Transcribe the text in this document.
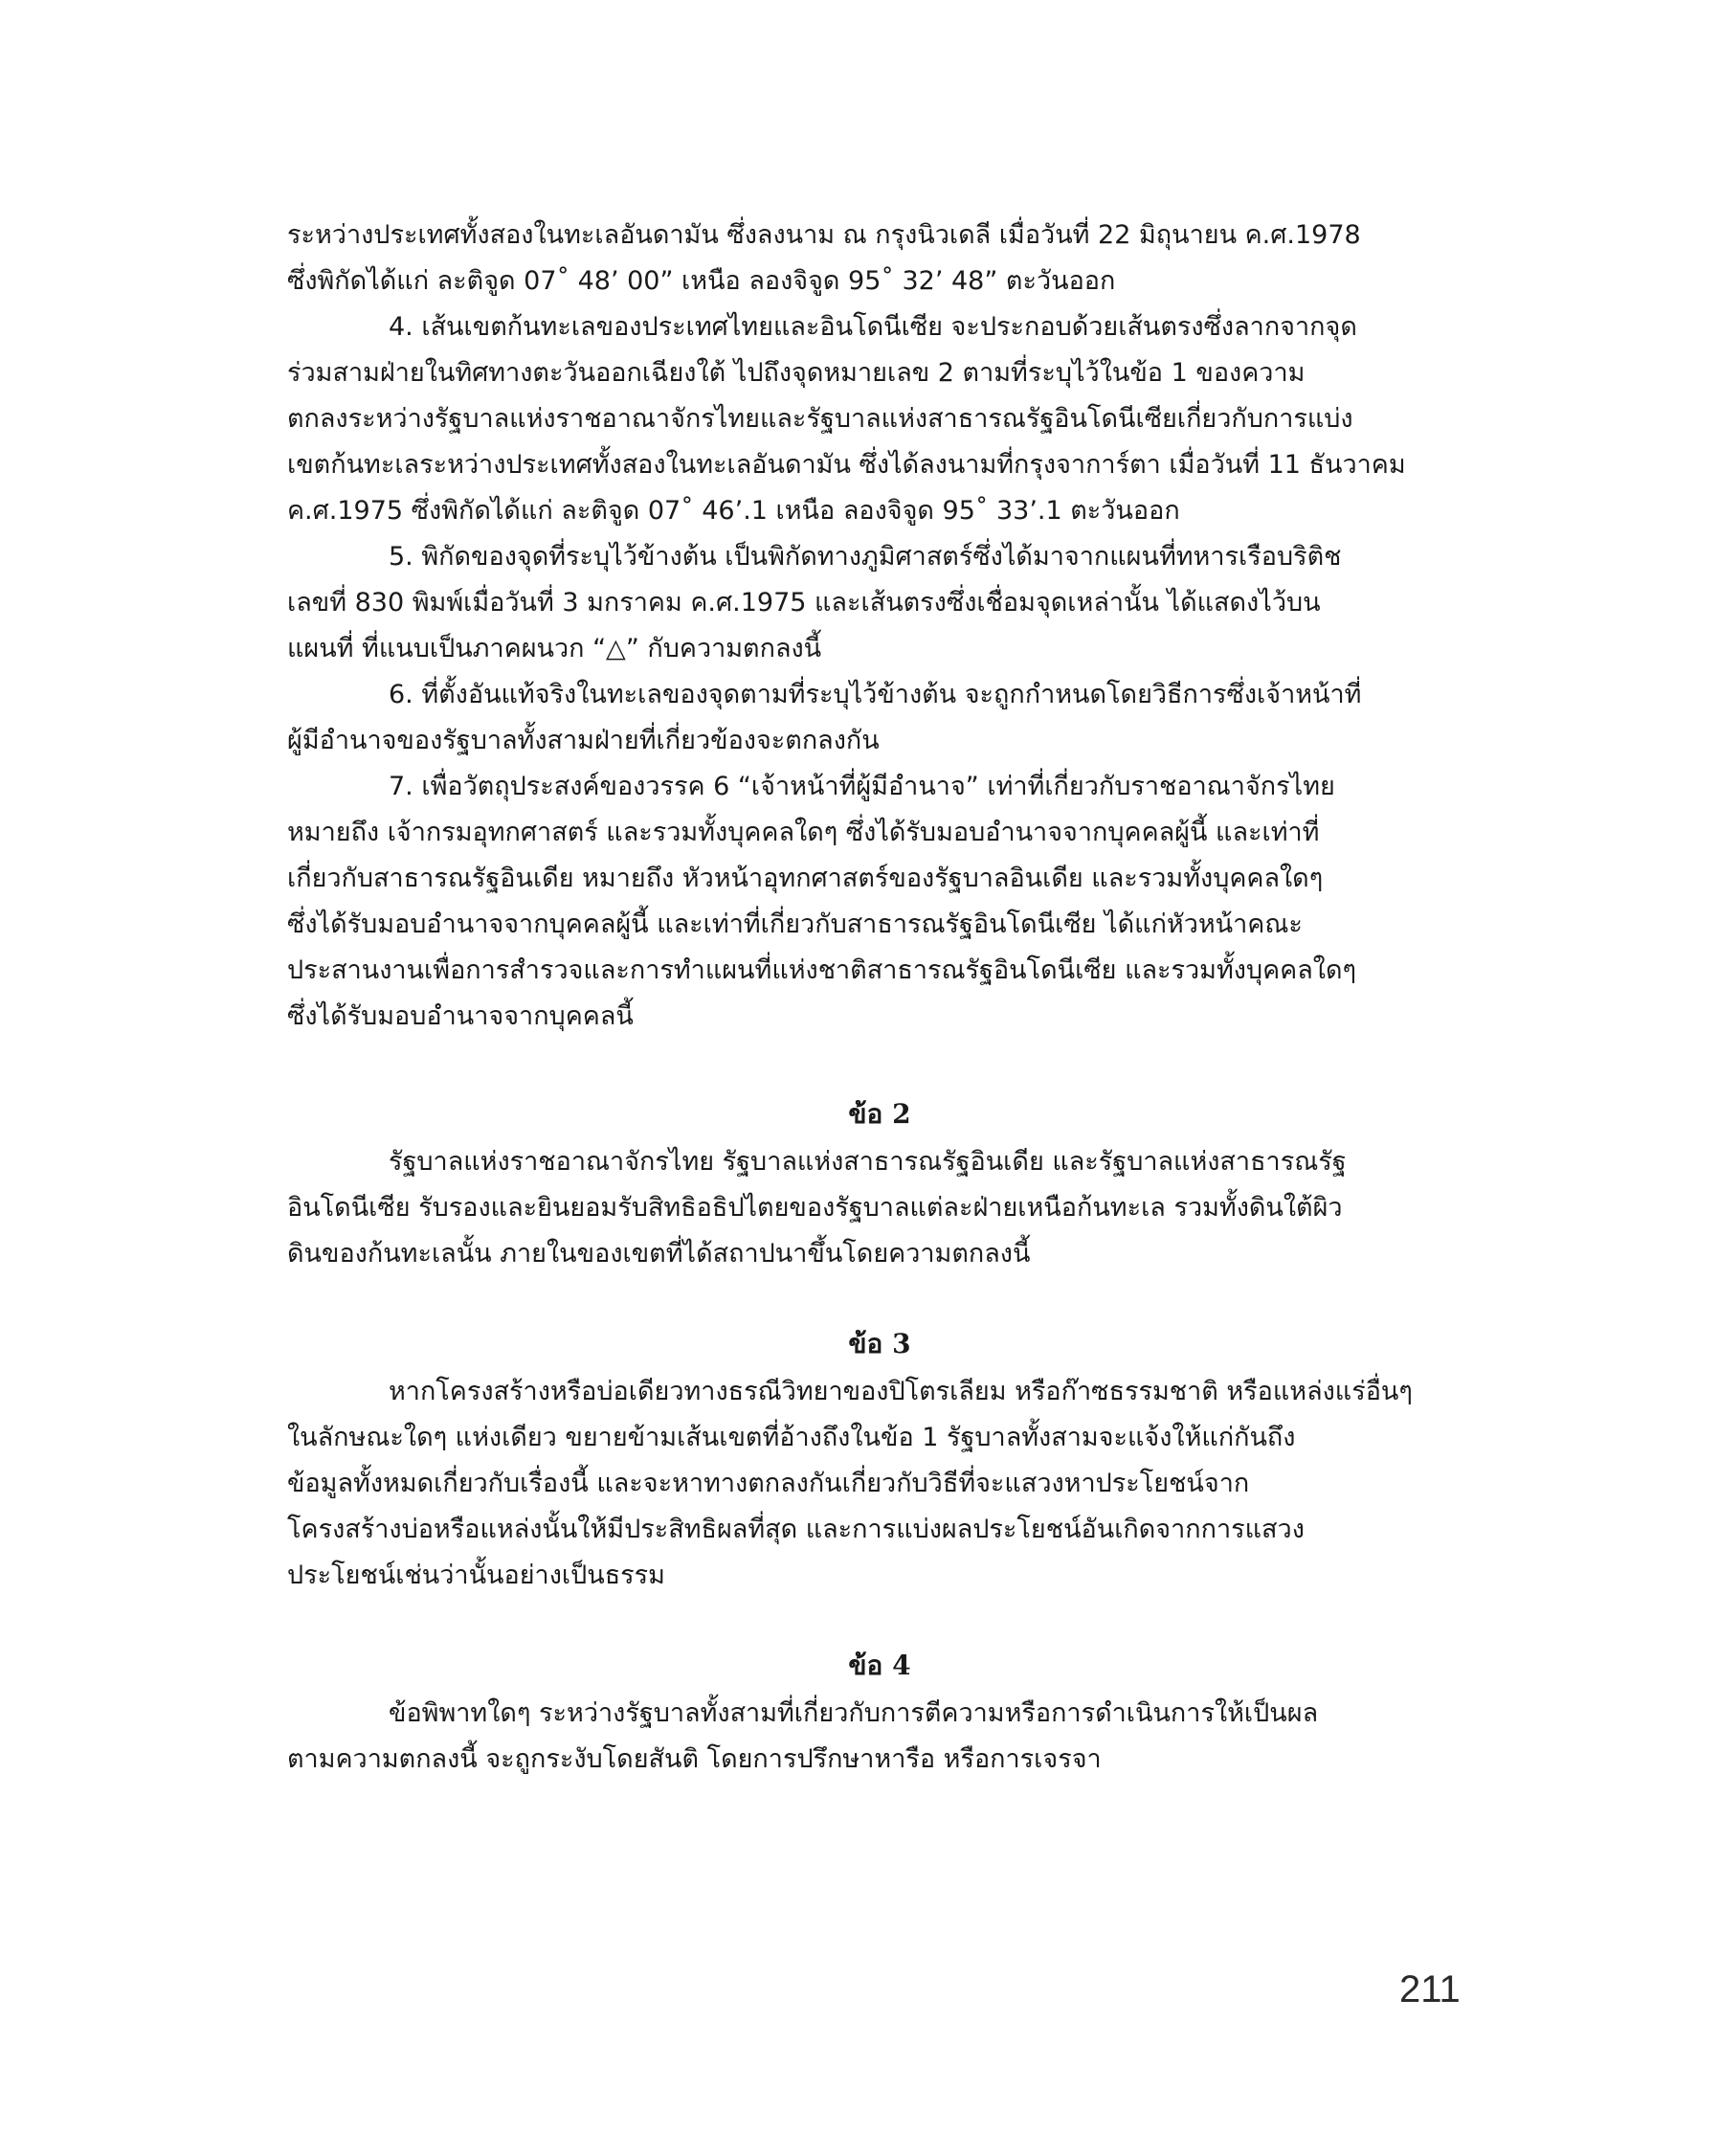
ระหว่างประเทศทั้งสองในทะเลอันดามัน ซึ่งลงนาม ณ กรุงนิวเดลี เมื่อวันที่ 22 มิถุนายน ค.ศ.1978
ซึ่งพิกัดได้แก่ ละติจูด 07˚ 48’ 00” เหนือ ลองจิจูด 95˚ 32’ 48” ตะวันออก

4. เส้นเขตก้นทะเลของประเทศไทยและอินโดนีเซีย จะประกอบด้วยเส้นตรงซึ่งลากจากจุด
ร่วมสามฝ่ายในทิศทางตะวันออกเฉียงใต้ ไปถึงจุดหมายเลข 2 ตามที่ระบุไว้ในข้อ 1 ของความ
ตกลงระหว่างรัฐบาลแห่งราชอาณาจักรไทยและรัฐบาลแห่งสาธารณรัฐอินโดนีเซียเกี่ยวกับการแบ่ง
เขตก้นทะเลระหว่างประเทศทั้งสองในทะเลอันดามัน ซึ่งได้ลงนามที่กรุงจาการ์ตา เมื่อวันที่ 11 ธันวาคม
ค.ศ.1975 ซึ่งพิกัดได้แก่ ละติจูด 07˚ 46’.1 เหนือ ลองจิจูด 95˚ 33’.1 ตะวันออก

5. พิกัดของจุดที่ระบุไว้ข้างต้น เป็นพิกัดทางภูมิศาสตร์ซึ่งได้มาจากแผนที่ทหารเรือบริติช
เลขที่ 830 พิมพ์เมื่อวันที่ 3 มกราคม ค.ศ.1975 และเส้นตรงซึ่งเชื่อมจุดเหล่านั้น ได้แสดงไว้บน
แผนที่ ที่แนบเป็นภาคผนวก “△” กับความตกลงนี้

6. ที่ตั้งอันแท้จริงในทะเลของจุดตามที่ระบุไว้ข้างต้น จะถูกกำหนดโดยวิธีการซึ่งเจ้าหน้าที่
ผู้มีอำนาจของรัฐบาลทั้งสามฝ่ายที่เกี่ยวข้องจะตกลงกัน

7. เพื่อวัตถุประสงค์ของวรรค 6 “เจ้าหน้าที่ผู้มีอำนาจ” เท่าที่เกี่ยวกับราชอาณาจักรไทย
หมายถึง เจ้ากรมอุทกศาสตร์ และรวมทั้งบุคคลใดๆ ซึ่งได้รับมอบอำนาจจากบุคคลผู้นี้ และเท่าที่
เกี่ยวกับสาธารณรัฐอินเดีย หมายถึง หัวหน้าอุทกศาสตร์ของรัฐบาลอินเดีย และรวมทั้งบุคคลใดๆ
ซึ่งได้รับมอบอำนาจจากบุคคลผู้นี้ และเท่าที่เกี่ยวกับสาธารณรัฐอินโดนีเซีย ได้แก่หัวหน้าคณะ
ประสานงานเพื่อการสำรวจและการทำแผนที่แห่งชาติสาธารณรัฐอินโดนีเซีย และรวมทั้งบุคคลใดๆ
ซึ่งได้รับมอบอำนาจจากบุคคลนี้

ข้อ 2

รัฐบาลแห่งราชอาณาจักรไทย รัฐบาลแห่งสาธารณรัฐอินเดีย และรัฐบาลแห่งสาธารณรัฐ
อินโดนีเซีย รับรองและยินยอมรับสิทธิอธิปไตยของรัฐบาลแต่ละฝ่ายเหนือก้นทะเล รวมทั้งดินใต้ผิว
ดินของก้นทะเลนั้น ภายในของเขตที่ได้สถาปนาขึ้นโดยความตกลงนี้

ข้อ 3

หากโครงสร้างหรือบ่อเดียวทางธรณีวิทยาของปิโตรเลียม หรือก๊าซธรรมชาติ หรือแหล่งแร่อื่นๆ
ในลักษณะใดๆ แห่งเดียว ขยายข้ามเส้นเขตที่อ้างถึงในข้อ 1 รัฐบาลทั้งสามจะแจ้งให้แก่กันถึง
ข้อมูลทั้งหมดเกี่ยวกับเรื่องนี้ และจะหาทางตกลงกันเกี่ยวกับวิธีที่จะแสวงหาประโยชน์จาก
โครงสร้างบ่อหรือแหล่งนั้นให้มีประสิทธิผลที่สุด และการแบ่งผลประโยชน์อันเกิดจากการแสวง
ประโยชน์เช่นว่านั้นอย่างเป็นธรรม

ข้อ 4

ข้อพิพาทใดๆ ระหว่างรัฐบาลทั้งสามที่เกี่ยวกับการตีความหรือการดำเนินการให้เป็นผล
ตามความตกลงนี้ จะถูกระงับโดยสันติ โดยการปรึกษาหารือ หรือการเจรจา

211
